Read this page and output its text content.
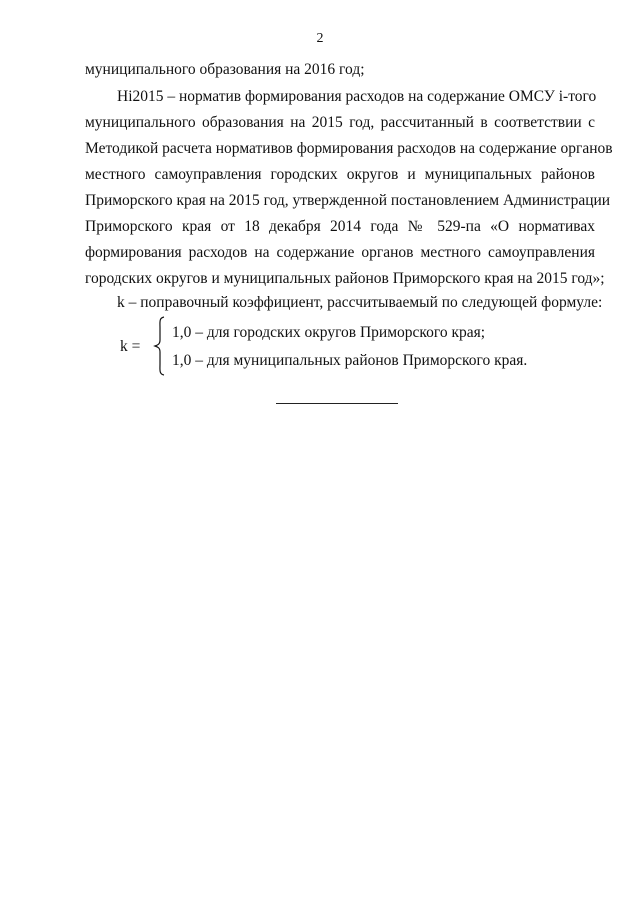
2
муниципального образования на 2016 год;
Hi2015 – норматив формирования расходов на содержание ОМСУ i-того
муниципального образования на 2015 год, рассчитанный в соответствии с
Методикой расчета нормативов формирования расходов на содержание органов
местного самоуправления городских округов и муниципальных районов
Приморского края на 2015 год, утвержденной постановлением Администрации
Приморского края от 18 декабря 2014 года № 529-па «О нормативах
формирования расходов на содержание органов местного самоуправления
городских округов и муниципальных районов Приморского края на 2015 год»;
k – поправочный коэффициент, рассчитываемый по следующей формуле:
k =
1,0 – для городских округов Приморского края;
1,0 – для муниципальных районов Приморского края.
